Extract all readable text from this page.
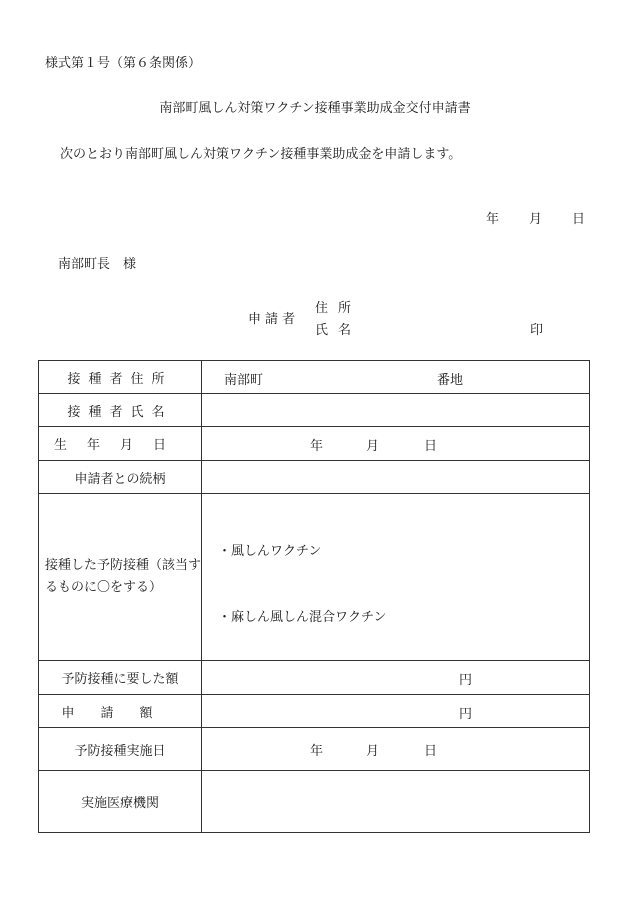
様式第１号（第６条関係）
南部町風しん対策ワクチン接種事業助成金交付申請書
次のとおり南部町風しん対策ワクチン接種事業助成金を申請します。
年 月 日
南部町長　様
申請者
住所
氏名	印
接種者住所	南部町 番地

接種者氏名	
生年月日	年 月 日

申請者との続柄	
接種した予防接種（該当するものに〇をする）	・風しんワクチン
・麻しん風しん混合ワクチン

予防接種に要した額	円

申請額	円

予防接種実施日	年 月 日

実施医療機関	
